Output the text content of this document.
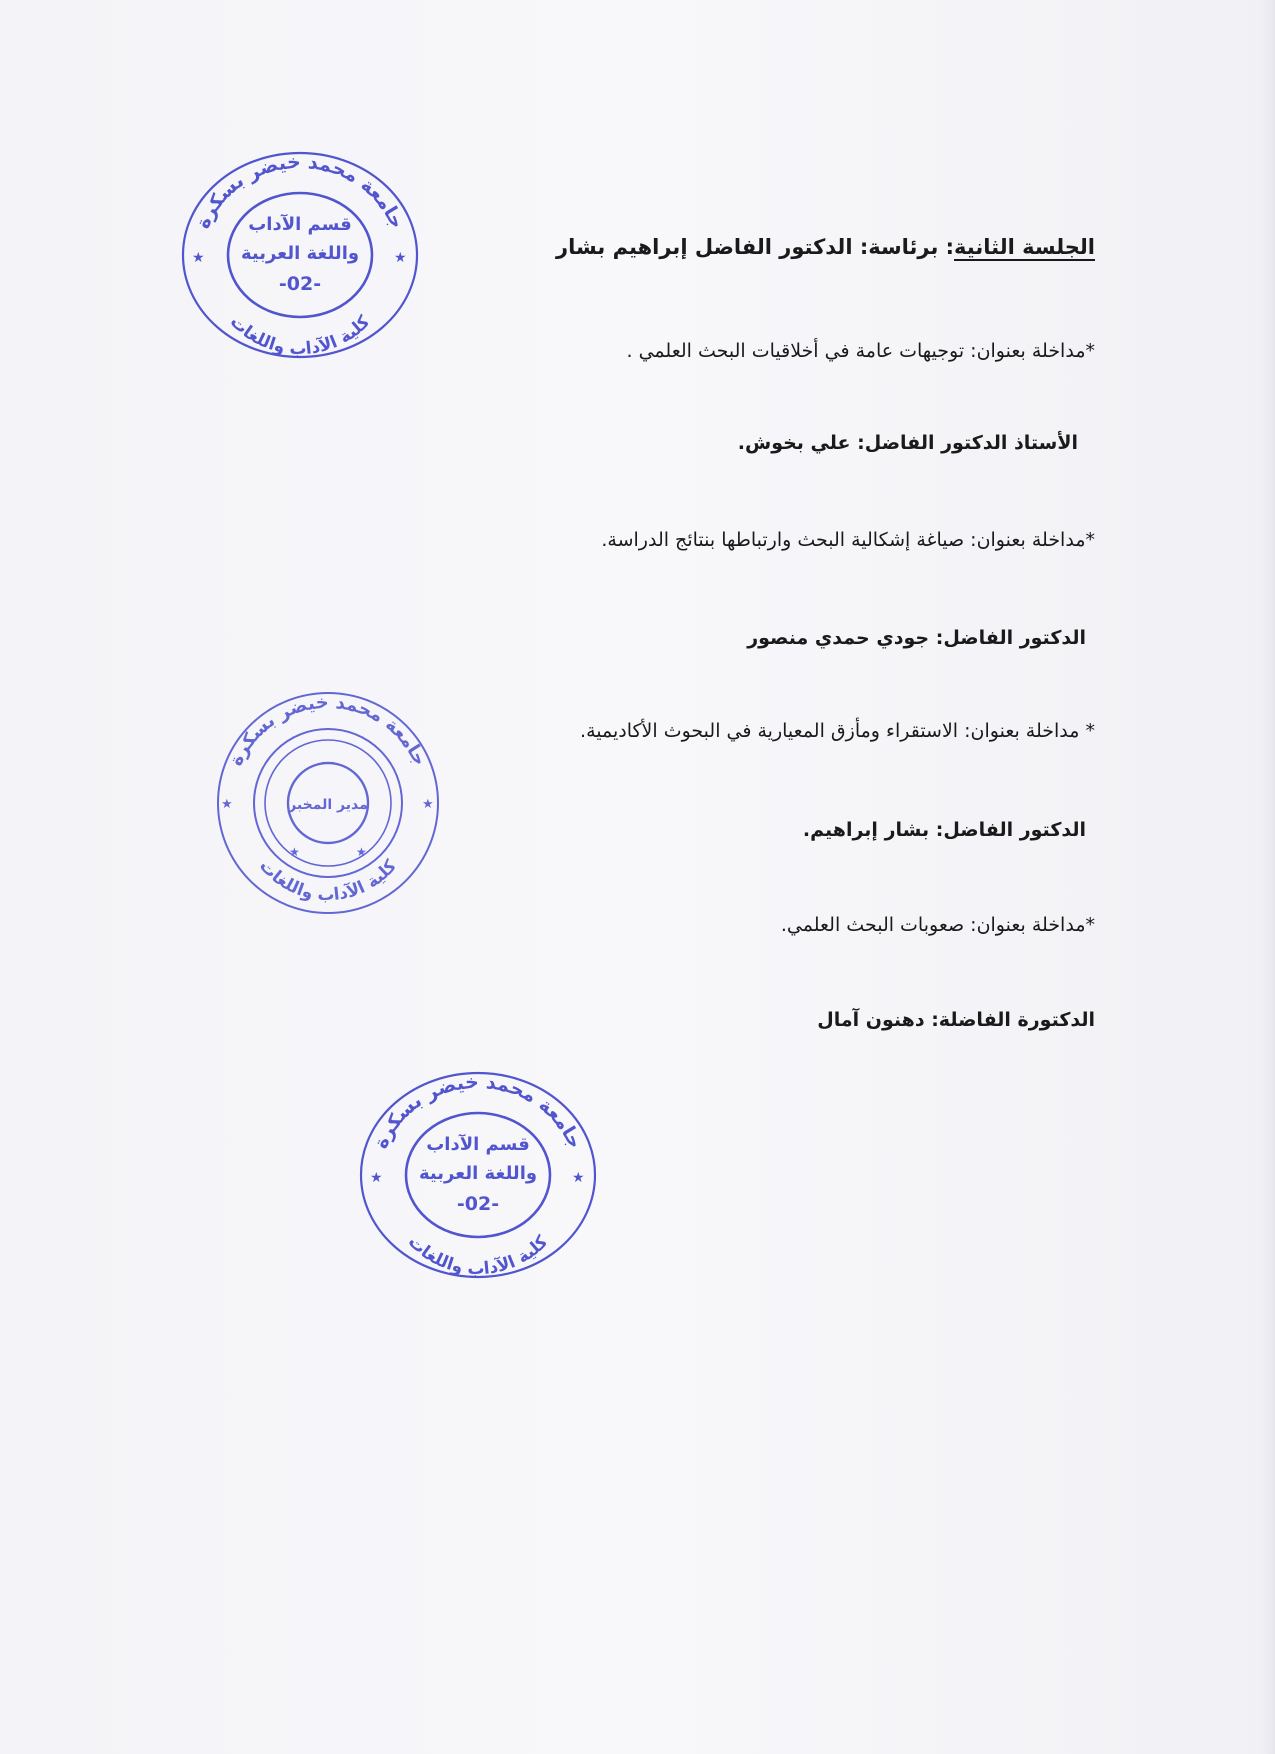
الجلسة الثانية: برئاسة: الدكتور الفاضل إبراهيم بشار
*مداخلة بعنوان: توجيهات عامة في أخلاقيات البحث العلمي .
الأستاذ الدكتور الفاضل: علي بخوش.
*مداخلة بعنوان: صياغة إشكالية البحث وارتباطها بنتائج الدراسة.
الدكتور الفاضل: جودي حمدي منصور
* مداخلة بعنوان: الاستقراء ومأزق المعيارية في البحوث الأكاديمية.
الدكتور الفاضل: بشار إبراهيم.
*مداخلة بعنوان: صعوبات البحث العلمي.
الدكتورة الفاضلة: دهنون آمال
جامعة محمد خيضر بسكرة
كلية الآداب واللغات
★	★
قسم الآداب
واللغة العربية
-02-
جامعة محمد خيضر بسكرة
كلية الآداب واللغات
★	★
★	★
مدير المخبر
جامعة محمد خيضر بسكرة
كلية الآداب واللغات
★	★
قسم الآداب
واللغة العربية
-02-
